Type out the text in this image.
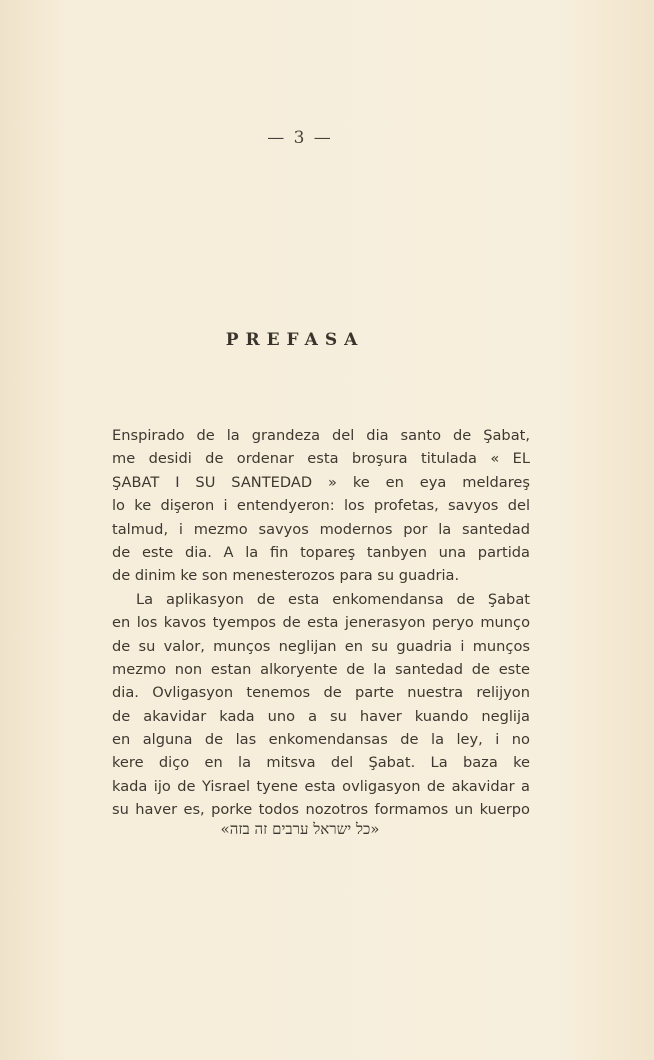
— 3 —
PREFASA
Enspirado de la grandeza del dia santo de Şabat,
me desidi de ordenar esta broşura titulada « EL
ŞABAT I SU SANTEDAD » ke en eya meldareş
lo ke dişeron i entendyeron: los profetas, savyos del
talmud, i mezmo savyos modernos por la santedad
de este dia. A la fin topareş tanbyen una partida
de dinim ke son menesterozos para su guadria.
La aplikasyon de esta enkomendansa de Şabat
en los kavos tyempos de esta jenerasyon peryo munço
de su valor, munços neglijan en su guadria i munços
mezmo non estan alkoryente de la santedad de este
dia. Ovligasyon tenemos de parte nuestra relijyon
de akavidar kada uno a su haver kuando neglija
en alguna de las enkomendansas de la ley, i no
kere diço en la mitsva del Şabat. La baza ke
kada ijo de Yisrael tyene esta ovligasyon de akavidar a
su haver es, porke todos nozotros formamos un kuerpo
«כל ישראל ערבים זה בזה»
